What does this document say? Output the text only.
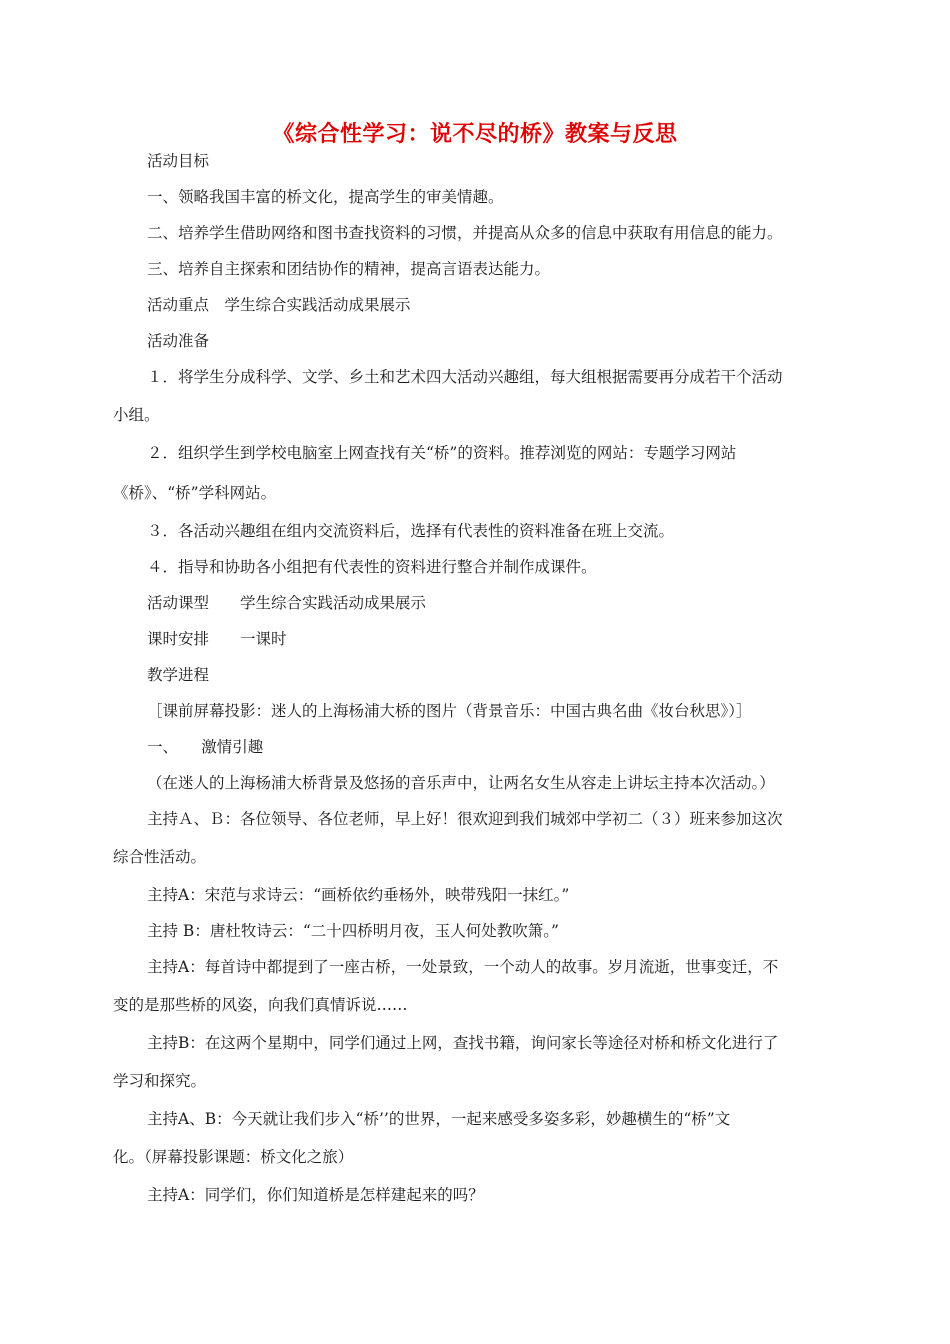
《综合性学习：说不尽的桥》教案与反思
活动目标
一、领略我国丰富的桥文化，提高学生的审美情趣。
二、培养学生借助网络和图书查找资料的习惯，并提高从众多的信息中获取有用信息的能力。
三、培养自主探索和团结协作的精神，提高言语表达能力。
活动重点　学生综合实践活动成果展示
活动准备
１．将学生分成科学、文学、乡土和艺术四大活动兴趣组，每大组根据需要再分成若干个活动
小组。
２．组织学生到学校电脑室上网查找有关“桥”的资料。推荐浏览的网站：专题学习网站
《桥》、“桥”学科网站。
３．各活动兴趣组在组内交流资料后，选择有代表性的资料准备在班上交流。
４．指导和协助各小组把有代表性的资料进行整合并制作成课件。
活动课型　　学生综合实践活动成果展示
课时安排　　一课时
教学进程
［课前屏幕投影：迷人的上海杨浦大桥的图片（背景音乐：中国古典名曲《妆台秋思》）］
一、　　激情引趣
（在迷人的上海杨浦大桥背景及悠扬的音乐声中，让两名女生从容走上讲坛主持本次活动。）
主持Ａ、Ｂ：各位领导、各位老师，早上好！很欢迎到我们城郊中学初二（３）班来参加这次
综合性活动。
主持A：宋范与求诗云：“画桥依约垂杨外，映带残阳一抹红。”
主持 B：唐杜牧诗云：“二十四桥明月夜，玉人何处教吹箫。”
主持A：每首诗中都提到了一座古桥，一处景致，一个动人的故事。岁月流逝，世事变迁，不
变的是那些桥的风姿，向我们真情诉说……
主持B：在这两个星期中，同学们通过上网，查找书籍，询问家长等途径对桥和桥文化进行了
学习和探究。
主持A、B：今天就让我们步入“桥’’的世界，一起来感受多姿多彩，妙趣横生的“桥”文
化。（屏幕投影课题：桥文化之旅）
主持A：同学们，你们知道桥是怎样建起来的吗？
